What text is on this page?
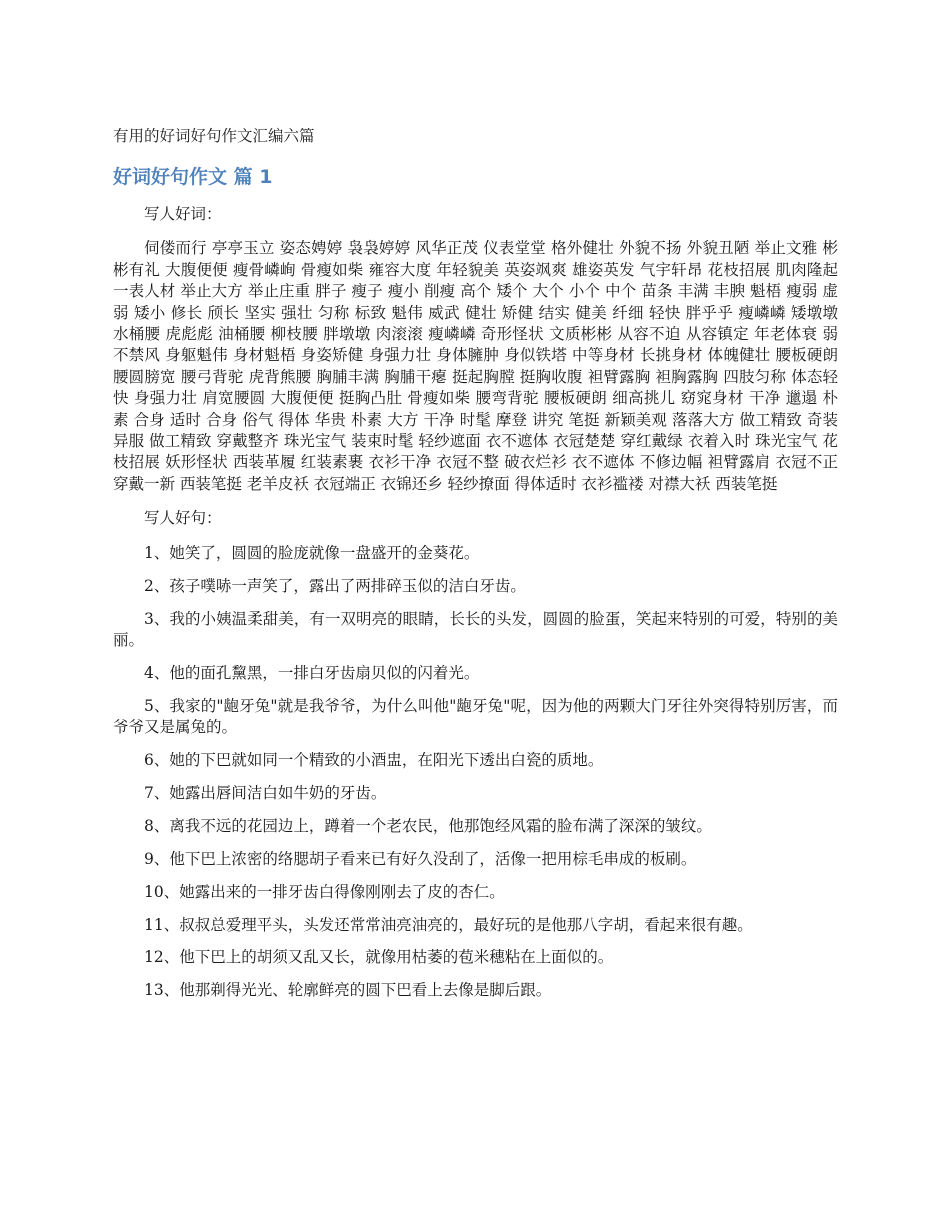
有用的好词好句作文汇编六篇
好词好句作文 篇 1

写人好词：

伺偻而行 亭亭玉立 姿态娉婷 袅袅婷婷 风华正茂 仪表堂堂 格外健壮 外貌不扬 外貌丑陋 举止文雅 彬彬有礼 大腹便便 瘦骨嶙峋 骨瘦如柴 雍容大度 年轻貌美 英姿飒爽 雄姿英发 气宇轩昂 花枝招展 肌肉隆起 一表人材 举止大方 举止庄重 胖子 瘦子 瘦小 削瘦 高个 矮个 大个 小个 中个 苗条 丰满 丰腴 魁梧 瘦弱 虚弱 矮小 修长 颀长 坚实 强壮 匀称 标致 魁伟 威武 健壮 矫健 结实 健美 纤细 轻快 胖乎乎 瘦嶙嶙 矮墩墩 水桶腰 虎彪彪 油桶腰 柳枝腰 胖墩墩 肉滚滚 瘦嶙嶙 奇形怪状 文质彬彬 从容不迫 从容镇定 年老体衰 弱不禁风 身躯魁伟 身材魁梧 身姿矫健 身强力壮 身体臃肿 身似铁塔 中等身材 长挑身材 体魄健壮 腰板硬朗 腰圆膀宽 腰弓背驼 虎背熊腰 胸脯丰满 胸脯干瘪 挺起胸膛 挺胸收腹 袒臂露胸 袒胸露胸 四肢匀称 体态轻快 身强力壮 肩宽腰圆 大腹便便 挺胸凸肚 骨瘦如柴 腰弯背驼 腰板硬朗 细高挑儿 窈窕身材 干净 邋遢 朴素 合身 适时 合身 俗气 得体 华贵 朴素 大方 干净 时髦 摩登 讲究 笔挺 新颖美观 落落大方 做工精致 奇装异服 做工精致 穿戴整齐 珠光宝气 装束时髦 轻纱遮面 衣不遮体 衣冠楚楚 穿红戴绿 衣着入时 珠光宝气 花枝招展 妖形怪状 西装革履 红装素裹 衣衫干净 衣冠不整 破衣烂衫 衣不遮体 不修边幅 袒臂露肩 衣冠不正 穿戴一新 西装笔挺 老羊皮袄 衣冠端正 衣锦还乡 轻纱撩面 得体适时 衣衫褴褛 对襟大袄 西装笔挺

写人好句：

1、她笑了，圆圆的脸庞就像一盘盛开的金葵花。

2、孩子噗哧一声笑了，露出了两排碎玉似的洁白牙齿。

3、我的小姨温柔甜美，有一双明亮的眼睛，长长的头发，圆圆的脸蛋，笑起来特别的可爱，特别的美丽。

4、他的面孔黧黑，一排白牙齿扇贝似的闪着光。

5、我家的"龅牙兔"就是我爷爷，为什么叫他"龅牙兔"呢，因为他的两颗大门牙往外突得特别厉害，而爷爷又是属兔的。

6、她的下巴就如同一个精致的小酒盅，在阳光下透出白瓷的质地。

7、她露出唇间洁白如牛奶的牙齿。

8、离我不远的花园边上，蹲着一个老农民，他那饱经风霜的脸布满了深深的皱纹。

9、他下巴上浓密的络腮胡子看来已有好久没刮了，活像一把用棕毛串成的板刷。

10、她露出来的一排牙齿白得像刚刚去了皮的杏仁。

11、叔叔总爱理平头，头发还常常油亮油亮的，最好玩的是他那八字胡，看起来很有趣。

12、他下巴上的胡须又乱又长，就像用枯萎的苞米穗粘在上面似的。

13、他那剃得光光、轮廓鲜亮的圆下巴看上去像是脚后跟。
